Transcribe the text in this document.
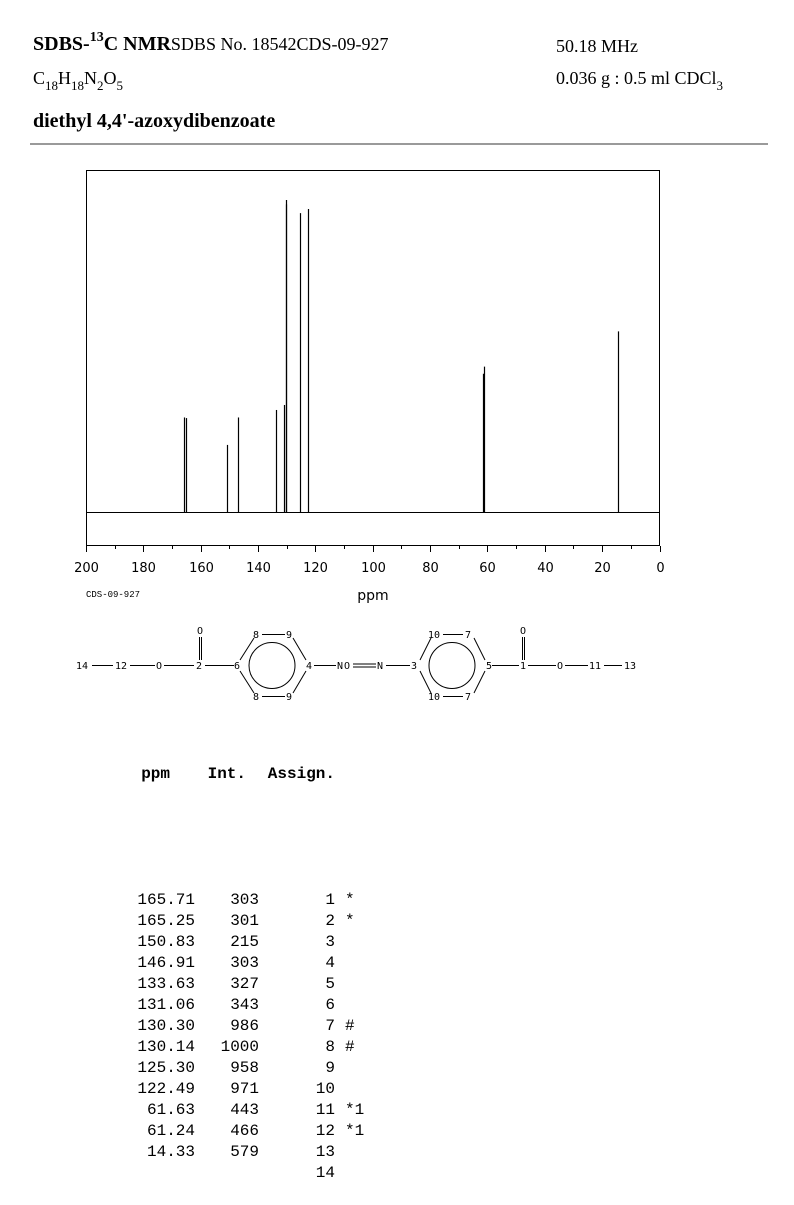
SDBS-$^{13}$C NMRSDBS No. 18542CDS-09-927	50.18 MHz
$C_{18}H_{18}N_2O_5$	0.036 g : 0.5 ml CDCl$_3$
diethyl 4,4'-azoxydibenzoate
200 180	160 140 120	100	80	60	40	20	0
ppm
CDS-09-927
14	12	O
O
2	6
8	9
8	9
4 N O	N	3
10 7
10 7
5
O
1	O	11 13

ppm Int. Assign.

165.71 303	1 *
165.25 301	2 *
150.83 215	3
146.91 303	4
133.63 327	5
131.06 343	6
130.30 986	7 #
130.14 1000	8 #
125.30 958	9
122.49 971	10
61.63 443	11 *1
61.24 466	12 *1
14.33 579	13
14
